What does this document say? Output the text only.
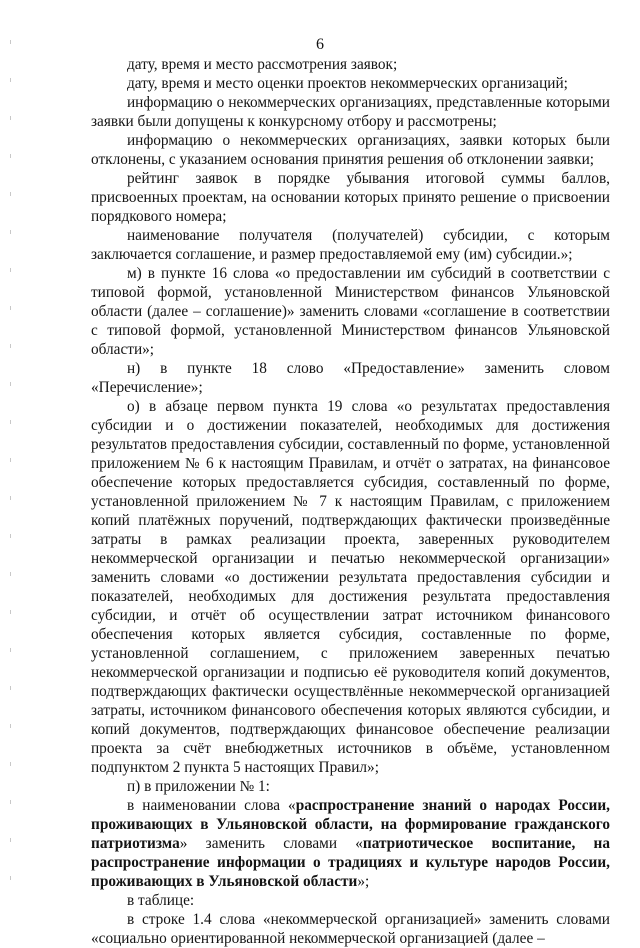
6

дату, время и место рассмотрения заявок;

дату, время и место оценки проектов некоммерческих организаций;

информацию о некоммерческих организациях, представленные которыми заявки были допущены к конкурсному отбору и рассмотрены;

информацию о некоммерческих организациях, заявки которых были отклонены, с указанием основания принятия решения об отклонении заявки;

рейтинг заявок в порядке убывания итоговой суммы баллов, присвоенных проектам, на основании которых принято решение о присвоении порядкового номера;

наименование получателя (получателей) субсидии, с которым заключается соглашение, и размер предоставляемой ему (им) субсидии.»;

м) в пункте 16 слова «о предоставлении им субсидий в соответствии с типовой формой, установленной Министерством финансов Ульяновской области (далее – соглашение)» заменить словами «соглашение в соответствии с типовой формой, установленной Министерством финансов Ульяновской области»;

н) в пункте 18 слово «Предоставление» заменить словом «Перечисление»;

о) в абзаце первом пункта 19 слова «о результатах предоставления субсидии и о достижении показателей, необходимых для достижения результатов предоставления субсидии, составленный по форме, установленной приложением № 6 к настоящим Правилам, и отчёт о затратах, на финансовое обеспечение которых предоставляется субсидия, составленный по форме, установленной приложением № 7 к настоящим Правилам, с приложением копий платёжных поручений, подтверждающих фактически произведённые затраты в рамках реализации проекта, заверенных руководителем некоммерческой организации и печатью некоммерческой организации» заменить словами «о достижении результата предоставления субсидии и показателей, необходимых для достижения результата предоставления субсидии, и отчёт об осуществлении затрат источником финансового обеспечения которых является субсидия, составленные по форме, установленной соглашением, с приложением заверенных печатью некоммерческой организации и подписью её руководителя копий документов, подтверждающих фактически осуществлённые некоммерческой организацией затраты, источником финансового обеспечения которых являются субсидии, и копий документов, подтверждающих финансовое обеспечение реализации проекта за счёт внебюджетных источников в объёме, установленном подпунктом 2 пункта 5 настоящих Правил»;

п) в приложении № 1:

в наименовании слова «распространение знаний о народах России, проживающих в Ульяновской области, на формирование гражданского патриотизма» заменить словами «патриотическое воспитание, на распространение информации о традициях и культуре народов России, проживающих в Ульяновской области»;

в таблице:

в строке 1.4 слова «некоммерческой организацией» заменить словами «социально ориентированной некоммерческой организацией (далее –
